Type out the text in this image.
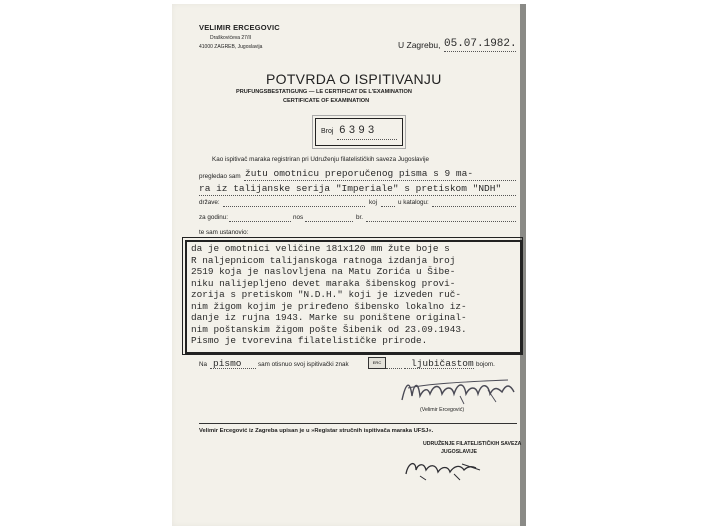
VELIMIR ERCEGOVIC
Draškovićeva 27/II
41000 ZAGREB, Jugoslavija	U Zagrebu, 05.07.1982.
POTVRDA O ISPITIVANJU
PRUFUNGSBESTATIGUNG — LE CERTIFICAT DE L'EXAMINATION
CERTIFICATE OF EXAMINATION
Broj 6393
Kao ispitivač maraka registriran pri Udruženju filatelističkih saveza Jugoslavije
pregledao sam žutu omotnicu preporučenog pisma s 9 ma-
ra iz talijanske serija "Imperiale" s pretiskom "NDH"
države:	koj	u katalogu:
za godinu:	nos	br.
te sam ustanovio:
da je omotnici veličine 181x120 mm žute boje s
R naljepnicom talijanskoga ratnoga izdanja broj
2519 koja je naslovljena na Matu Zorića u Šibe-
niku nalijepljeno devet maraka šibenskog provi-
zorija s pretiskom "N.D.H." koji je izveden ruč-
nim žigom kojim je priređeno šibensko lokalno iz-
danje iz rujna 1943. Marke su poništene original-
nim poštanskim žigom pošte Šibenik od 23.09.1943.
Pismo je tvorevina filatelističke prirode.
Na pismo	sam otisnuo svoj ispitivački znak	ERC	ljubičastom bojom.
(Velimir Ercegović)
Velimir Ercegović iz Zagreba upisan je u »Registar stručnih ispitivača maraka UFSJ«.
UDRUŽENJE FILATELISTIČKIH SAVEZA
JUGOSLAVIJE
